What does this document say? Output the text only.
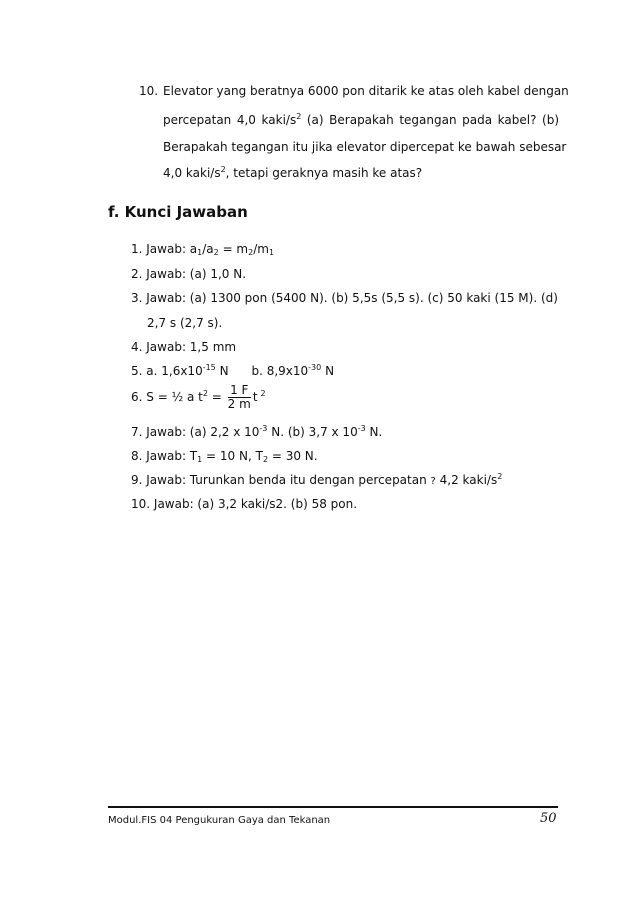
10. Elevator yang beratnya 6000 pon ditarik ke atas oleh kabel dengan
percepatan 4,0 kaki/$s^2$ (a) Berapakah tegangan pada kabel? (b)
Berapakah tegangan itu jika elevator dipercepat ke bawah sebesar
4,0 kaki/$s^2$, tetapi geraknya masih ke atas?
f. Kunci Jawaban
1. Jawab: $a_1/a_2 = m_2/m_1$
2. Jawab: (a) 1,0 N.
3. Jawab: (a) 1300 pon (5400 N). (b) 5,5s (5,5 s). (c) 50 kaki (15 M). (d)
2,7 s (2,7 s).
4. Jawab: 1,5 mm
5. a. $1,6x10^{-15}$ N      b. $8,9x10^{-30}$ N
6. S = ½ a $t^2 = \frac{1 F}{2 m}$ t $^2$
7. Jawab: (a) 2,2 x $10^{-3}$ N. (b) 3,7 x $10^{-3}$ N.
8. Jawab: $T_1 = 10$ N, $T_2 = 30$ N.
9. Jawab: Turunkan benda itu dengan percepatan ? 4,2 kaki/$s^2$
10. Jawab: (a) 3,2 kaki/s2. (b) 58 pon.
Modul.FIS 04 Pengukuran Gaya dan Tekanan	50
